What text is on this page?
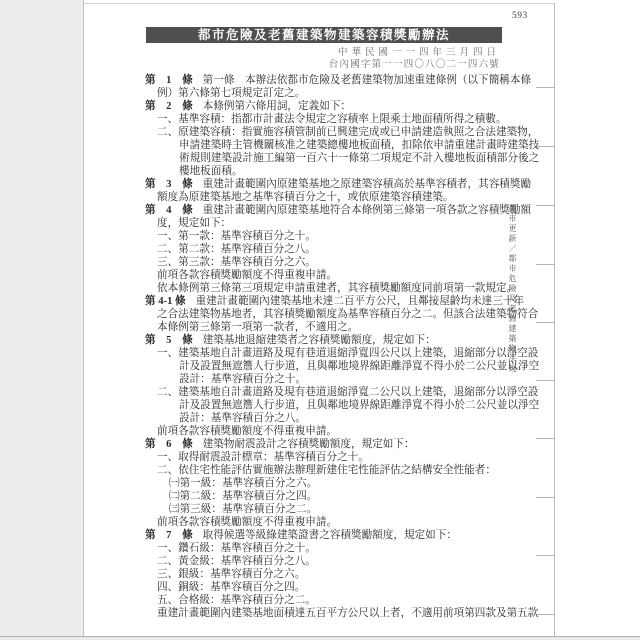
593
都市危險及老舊建築物建築容積獎勵辦法
中華民國一一四年三月四日
台內國字第一一四〇八〇二一四六號
第　1　條 第一條　本辦法依都市危險及老舊建築物加速重建條例（以下簡稱本條
例）第六條第七項規定訂定之。
第　2　條 本條例第六條用詞，定義如下：
一、基準容積：指都市計畫法令規定之容積率上限乘土地面積所得之積數。
二、原建築容積：指實施容積管制前已興建完成或已申請建造執照之合法建築物，
申請建築時主管機關核准之建築總樓地板面積，扣除依申請重建計畫時建築技
術規則建築設計施工編第一百六十一條第二項規定不計入樓地板面積部分後之
樓地板面積。
第　3　條 重建計畫範圍內原建築基地之原建築容積高於基準容積者，其容積獎勵
額度為原建築基地之基準容積百分之十，或依原建築容積建築。
第　4　條 重建計畫範圍內原建築基地符合本條例第三條第一項各款之容積獎勵額
度，規定如下：
一、第一款：基準容積百分之十。
二、第二款：基準容積百分之八。
三、第三款：基準容積百分之六。
前項各款容積獎勵額度不得重複申請。
依本條例第三條第三項規定申請重建者，其容積獎勵額度同前項第一款規定。
第 4-1 條 重建計畫範圍內建築基地未達二百平方公尺，且鄰接屋齡均未達三十年
之合法建築物基地者，其容積獎勵額度為基準容積百分之二。但該合法建築物符合
本條例第三條第一項第一款者，不適用之。
第　5　條 建築基地退縮建築者之容積獎勵額度，規定如下：
一、建築基地自計畫道路及現有巷道退縮淨寬四公尺以上建築，退縮部分以淨空設
計及設置無遮簷人行步道，且與鄰地境界線距離淨寬不得小於二公尺並以淨空
設計：基準容積百分之十。
二、建築基地自計畫道路及現有巷道退縮淨寬二公尺以上建築，退縮部分以淨空設
計及設置無遮簷人行步道，且與鄰地境界線距離淨寬不得小於二公尺並以淨空
設計：基準容積百分之八。
前項各款容積獎勵額度不得重複申請。
第　6　條 建築物耐震設計之容積獎勵額度，規定如下：
一、取得耐震設計標章：基準容積百分之十。
二、依住宅性能評估實施辦法辦理新建住宅性能評估之結構安全性能者：
㈠第一級：基準容積百分之六。
㈡第二級：基準容積百分之四。
㈢第三級：基準容積百分之二。
前項各款容積獎勵額度不得重複申請。
第　7　條 取得候選等級綠建築證書之容積獎勵額度，規定如下：
一、鑽石級：基準容積百分之十。
二、黃金級：基準容積百分之八。
三、銀級：基準容積百分之六。
四、銅級：基準容積百分之四。
五、合格級：基準容積百分之二。
重建計畫範圍內建築基地面積達五百平方公尺以上者，不適用前項第四款及第五款
都市更新／都市危險及老舊建築物法規
